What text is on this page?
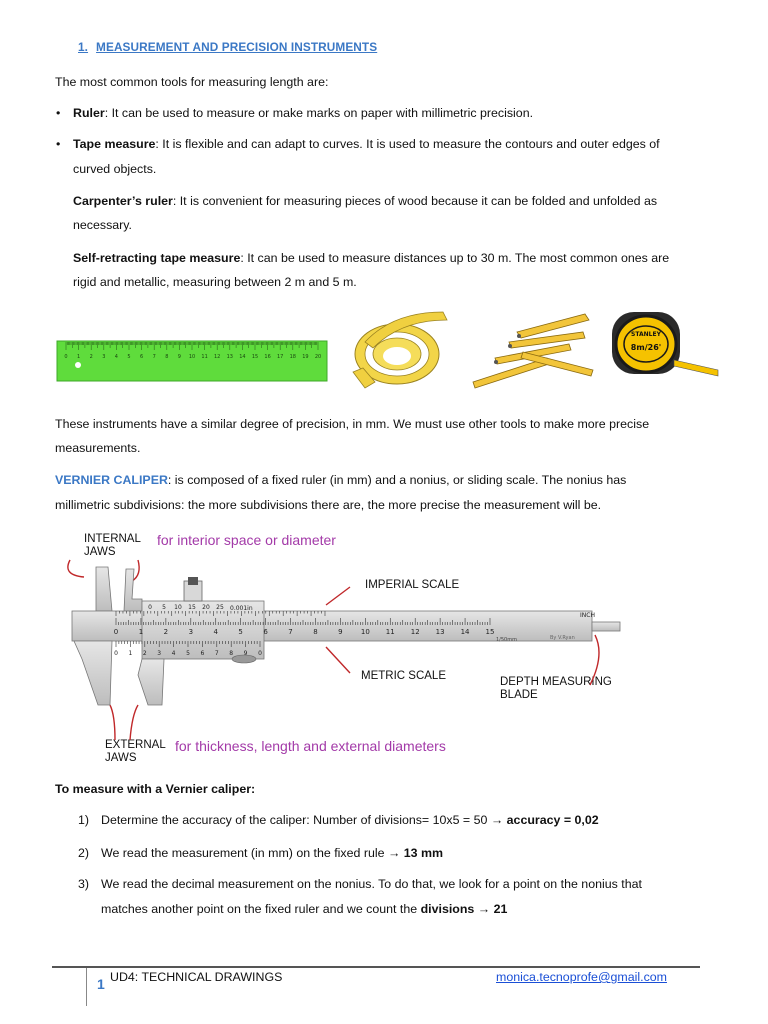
1. MEASUREMENT AND PRECISION INSTRUMENTS
The most common tools for measuring length are:
• Ruler: It can be used to measure or make marks on paper with millimetric precision.
• Tape measure: It is flexible and can adapt to curves. It is used to measure the contours and outer edges of
curved objects.
Carpenter’s ruler: It is convenient for measuring pieces of wood because it can be folded and unfolded as
necessary.
Self-retracting tape measure: It can be used to measure distances up to 30 m. The most common ones are
rigid and metallic, measuring between 2 m and 5 m.
0 1 2 3 4 5 6 7 8 9 10 11 12 13 14 15 16 17 18 19 20
STANLEY
8m/26'
These instruments have a similar degree of precision, in mm. We must use other tools to make more precise
measurements.
VERNIER CALIPER: is composed of a fixed ruler (in mm) and a nonius, or sliding scale. The nonius has
millimetric subdivisions: the more subdivisions there are, the more precise the measurement will be.
INTERNAL
JAWS
for interior space or diameter
IMPERIAL SCALE
METRIC SCALE	DEPTH MEASURING
BLADE
EXTERNAL
JAWS
for thickness, length and external diameters
0	1	2	3	4	5	6	7	8	9	10 11 12 13 14 15
0 1 2 3 4 5 6 7 8 9 0
0 5 10 15 20 25
INCH
0.001in
1/50mm	By V.Ryan
To measure with a Vernier caliper:
1) Determine the accuracy of the caliper: Number of divisions= 10x5 = 50 → accuracy = 0,02
2) We read the measurement (in mm) on the fixed rule → 13 mm
3) We read the decimal measurement on the nonius. To do that, we look for a point on the nonius that
matches another point on the fixed ruler and we count the divisions → 21
1 UD4: TECHNICAL DRAWINGS	monica.tecnoprofe@gmail.com
